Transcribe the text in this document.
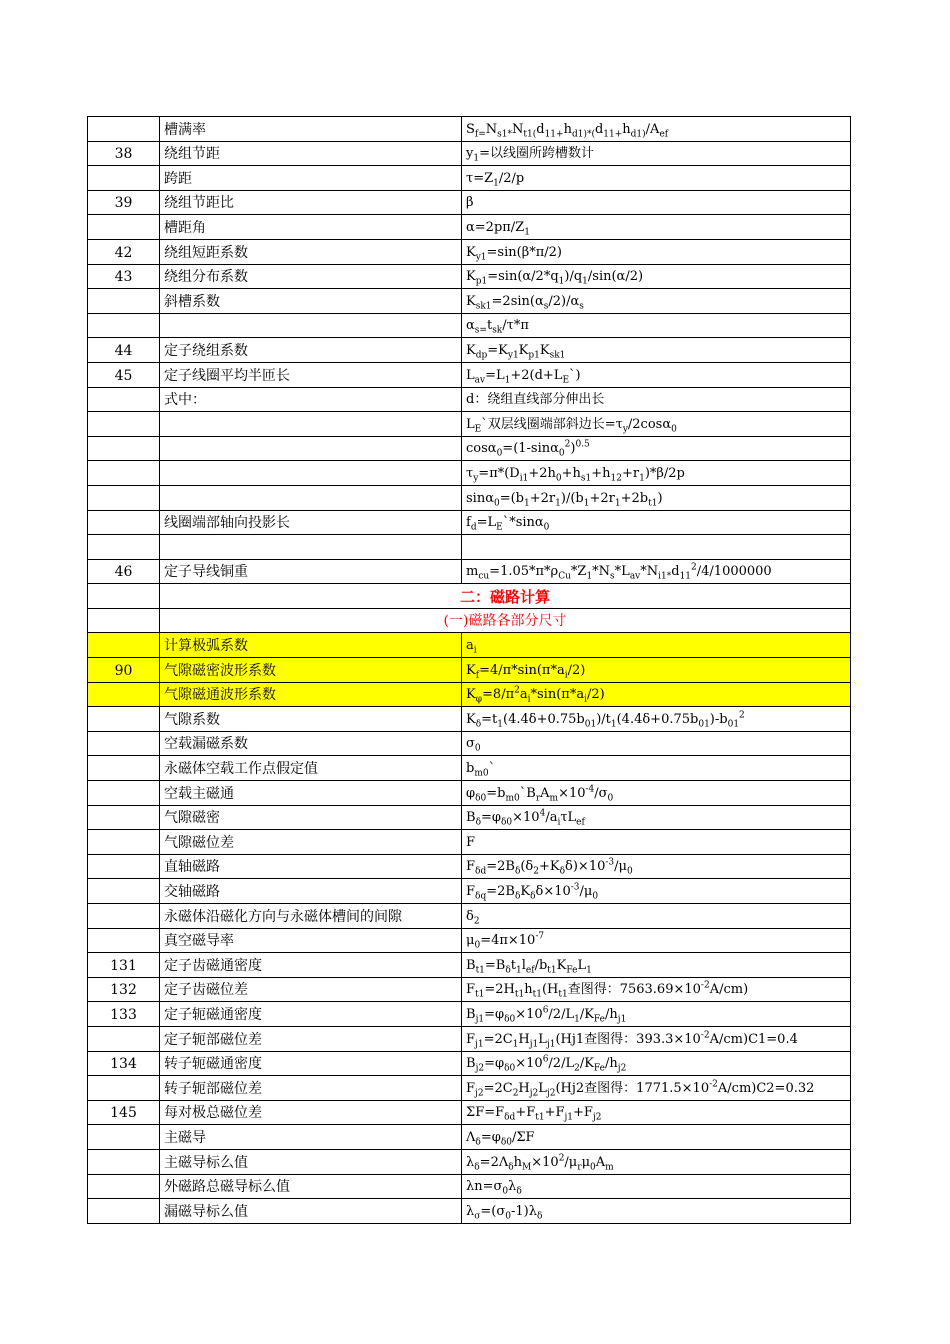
	槽满率	$S_{f=}N_{s1*}N_{t1(}d_{11+}h_{d1)*(}d_{11+}h_{d1)}/A_{ef}$
38	绕组节距	$y_1=$以线圈所跨槽数计
	跨距	$\tau=Z_1/2/p$
39	绕组节距比	β
	槽距角	$\alpha=2p\pi/Z_1$
42	绕组短距系数	$K_{y1}=\sin(\beta*\pi/2)$
43	绕组分布系数	$K_{p1}=\sin(\alpha/2*q_1)/q_1/\sin(\alpha/2)$
	斜槽系数	$K_{sk1}=2\sin(\alpha_s/2)/\alpha_s$
		$\alpha_{s=}t_{sk}/\tau*\pi$
44	定子绕组系数	$K_{dp}=K_{y1}K_{p1}K_{sk1}$
45	定子线圈平均半匝长	$L_{av}=L_1+2(d+L_E`)$
	式中：	d：绕组直线部分伸出长
		$L_E`$双层线圈端部斜边长$=\tau_y/2\cos\alpha_0$
		$\cos\alpha_0=(1-\sin\alpha_0^2)^{0.5}$
		$\tau_y=\pi*(D_{i1}+2h_0+h_{s1}+h_{12}+r_1)*\beta/2p$
		$\sin\alpha_0=(b_1+2r_1)/(b_1+2r_1+2b_{t1})$
	线圈端部轴向投影长	$f_d=L_E`*\sin\alpha_0$

46	定子导线铜重	$m_{cu}=1.05*\pi*\rho_{Cu}*Z_1*N_s*L_{av}*N_{i1*}d_{11}^2/4/1000000$
	二：磁路计算	
	(一)磁路各部分尺寸	
	计算极弧系数	$a_i$
90	气隙磁密波形系数	$K_f=4/\pi*\sin(\pi*a_i/2)$
	气隙磁通波形系数	$K_\varphi=8/\pi^2a_i*\sin(\pi*a_i/2)$
	气隙系数	$K_\delta=t_1(4.4\delta+0.75b_{01})/t_1(4.4\delta+0.75b_{01})-b_{01}^2$
	空载漏磁系数	$\sigma_0$
	永磁体空载工作点假定值	$b_{m0}`$
	空载主磁通	$\varphi_{\delta 0}=b_{m0}`B_rA_m\times 10^{-4}/\sigma_0$
	气隙磁密	$B_\delta=\varphi_{\delta 0}\times 10^4/a_i\tau L_{ef}$
	气隙磁位差	F
	直轴磁路	$F_{\delta d}=2B_\delta(\delta_2+K_\delta\delta)\times 10^{-3}/\mu_0$
	交轴磁路	$F_{\delta q}=2B_\delta K_\delta\delta\times 10^{-3}/\mu_0$
	永磁体沿磁化方向与永磁体槽间的间隙	$\delta_2$
	真空磁导率	$\mu_0=4\pi\times 10^{-7}$
131	定子齿磁通密度	$B_{t1}=B_\delta t_1l_{ef}/b_{t1}K_{Fe}L_1$
132	定子齿磁位差	$F_{t1}=2H_{t1}h_{t1}(H_{t1}$查图得：$7563.69\times 10^{-2}A/cm$)
133	定子轭磁通密度	$B_{j1}=\varphi_{\delta 0}\times 10^6/2/L_1/K_{Fe}/h_{j1}$
	定子轭部磁位差	$F_{j1}=2C_1H_{j1}L_{j1}(Hj1$查图得：$393.3\times 10^{-2}A/cm)C1=0.4$
134	转子轭磁通密度	$B_{j2}=\varphi_{\delta 0}\times 10^6/2/L_2/K_{Fe}/h_{j2}$
	转子轭部磁位差	$F_{j2}=2C_2H_{j2}L_{j2}(Hj2$查图得：$1771.5\times 10^{-2}A/cm)C2=0.32$
145	每对极总磁位差	$\Sigma F=F_{\delta d}+F_{t1}+F_{j1}+F_{j2}$
	主磁导	$\Lambda_\delta=\varphi_{\delta 0}/\Sigma F$
	主磁导标么值	$\lambda_\delta=2\Lambda_\delta h_M\times 10^2/\mu_r\mu_0A_m$
	外磁路总磁导标么值	$\lambda n=\sigma_0\lambda_\delta$
	漏磁导标么值	$\lambda_\sigma=(\sigma_0-1)\lambda_\delta$
